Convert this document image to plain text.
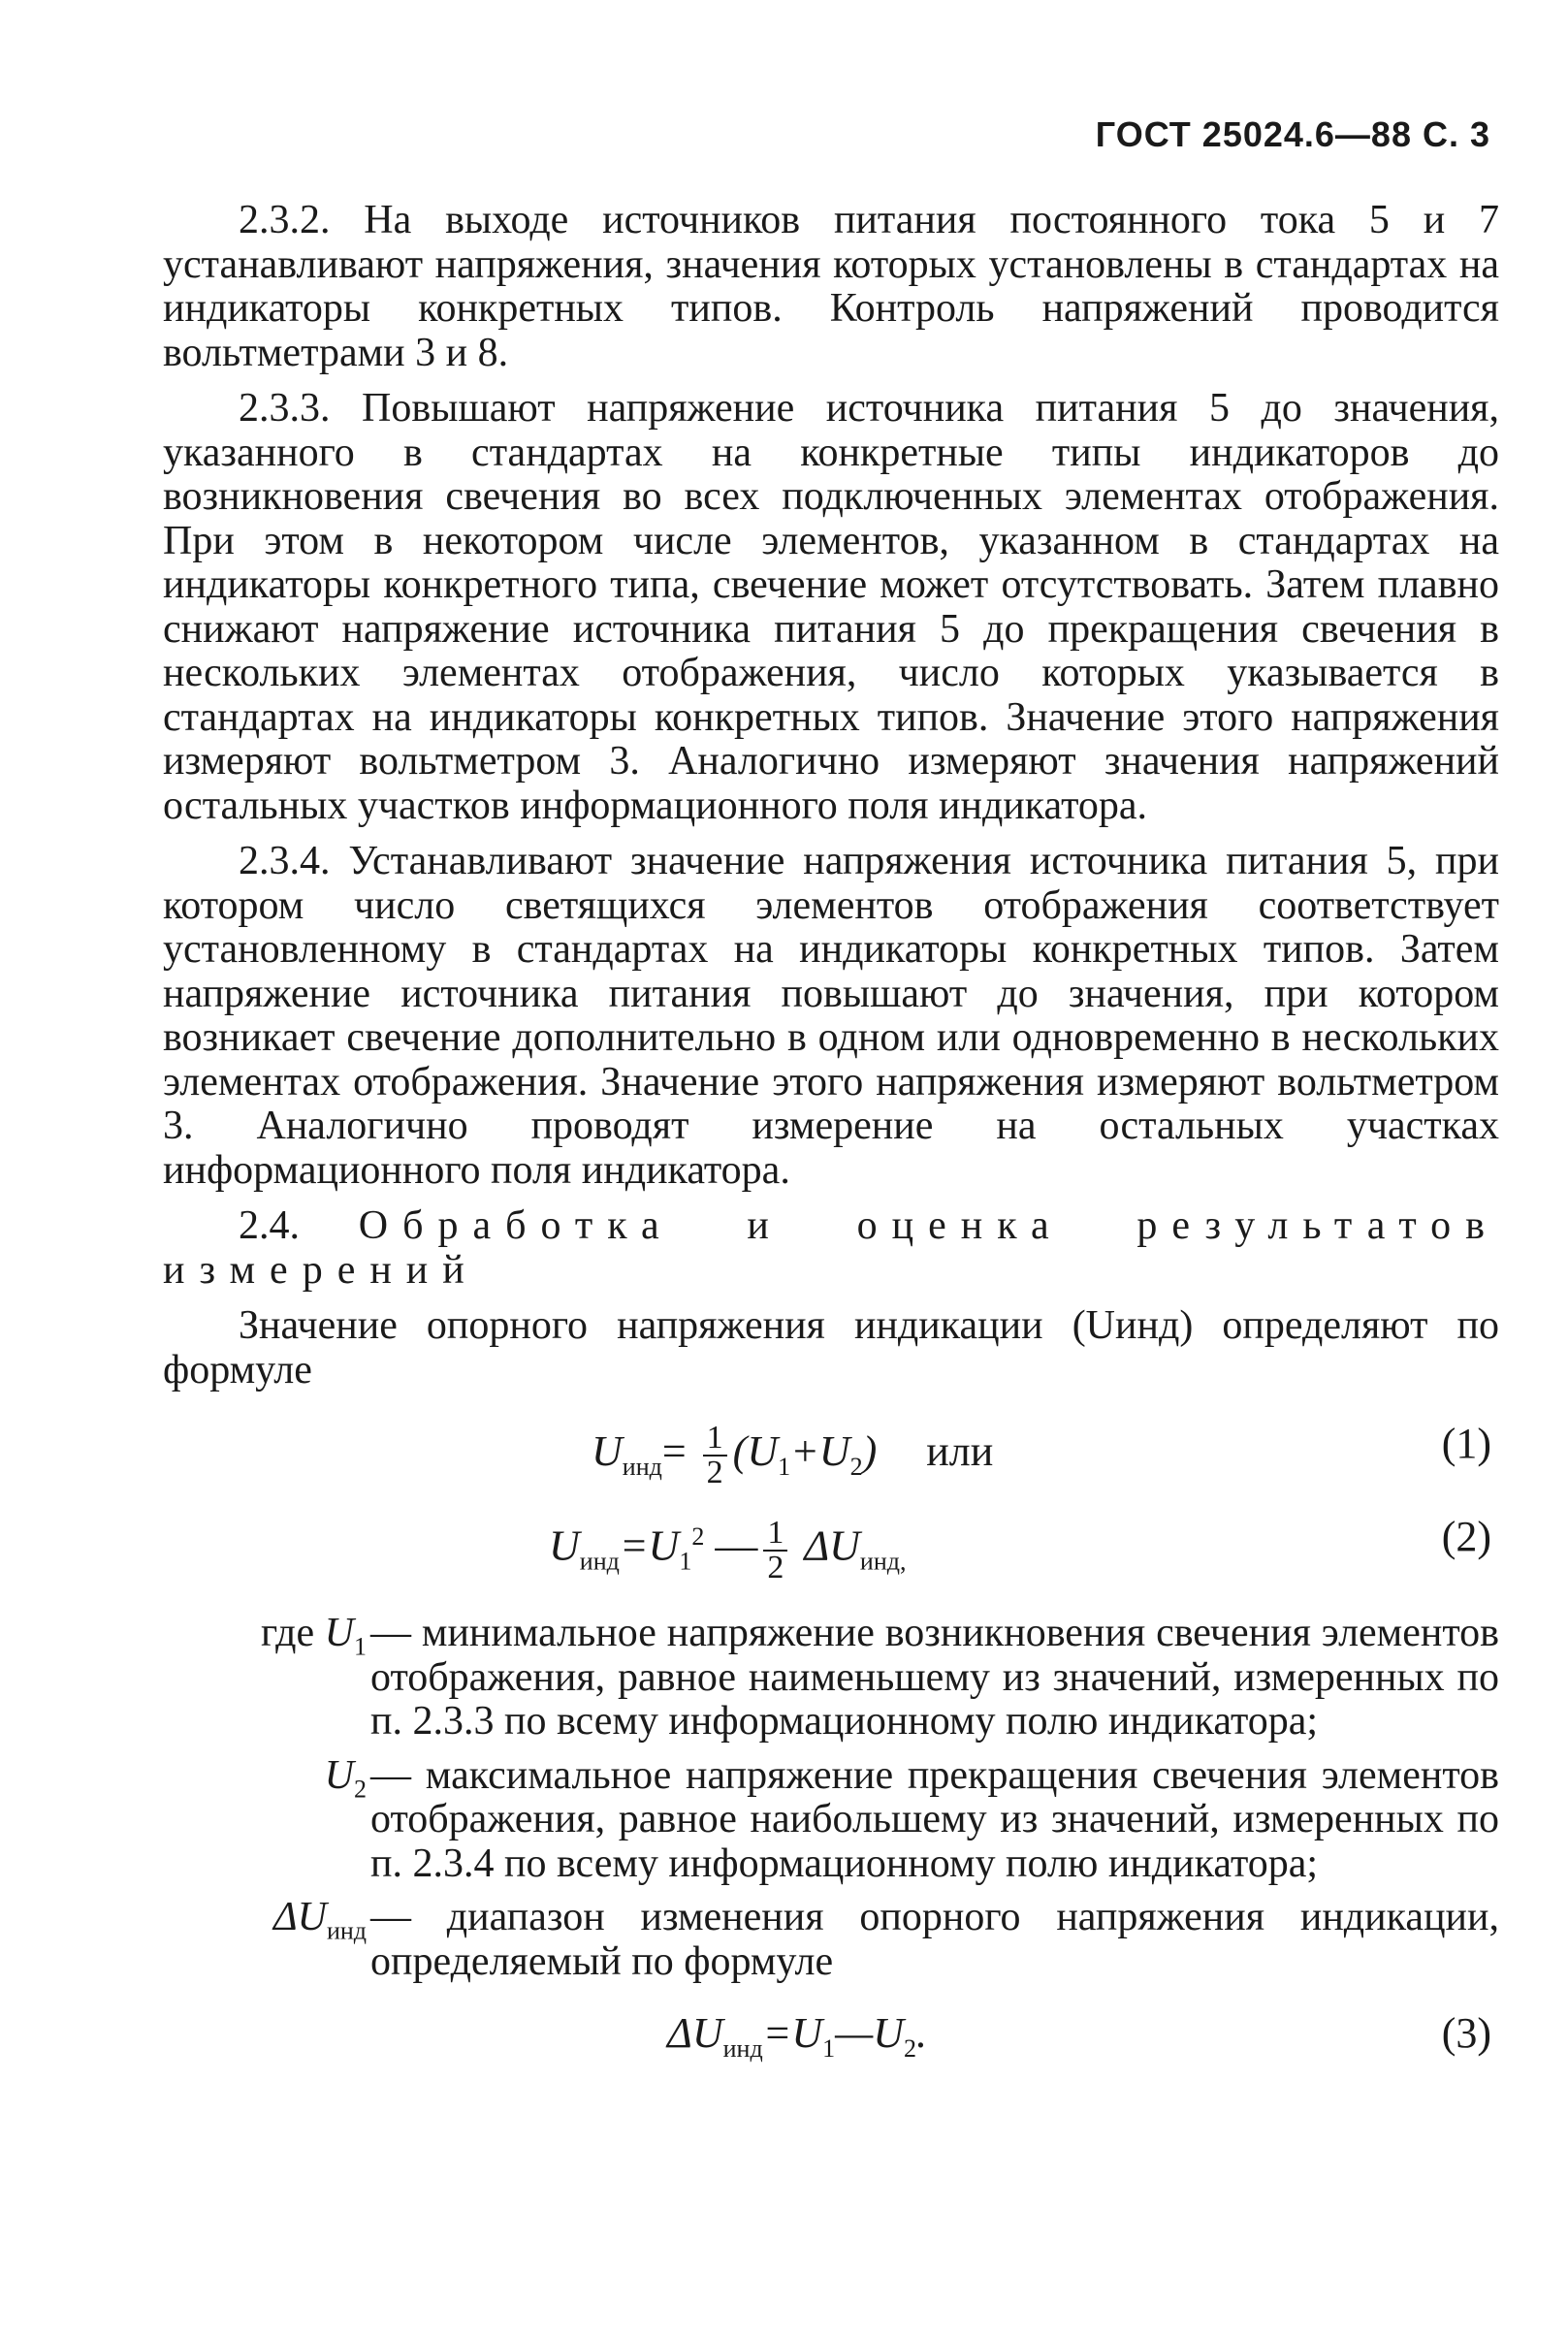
ГОСТ 25024.6—88 С. 3

2.3.2. На выходе источников питания постоянного тока 5 и 7 устанавливают напряжения, значения которых установлены в стандартах на индикаторы конкретных типов. Контроль напряжений проводится вольтметрами 3 и 8.

2.3.3. Повышают напряжение источника питания 5 до значения, указанного в стандартах на конкретные типы индикаторов до возникновения свечения во всех подключенных элементах отображения. При этом в некотором числе элементов, указанном в стандартах на индикаторы конкретного типа, свечение может отсутствовать. Затем плавно снижают напряжение источника питания 5 до прекращения свечения в нескольких элементах отображения, число которых указывается в стандартах на индикаторы конкретных типов. Значение этого напряжения измеряют вольтметром 3. Аналогично измеряют значения напряжений остальных участков информационного поля индикатора.

2.3.4. Устанавливают значение напряжения источника питания 5, при котором число светящихся элементов отображения соответствует установленному в стандартах на индикаторы конкретных типов. Затем напряжение источника питания повышают до значения, при котором возникает свечение дополнительно в одном или одновременно в нескольких элементах отображения. Значение этого напряжения измеряют вольтметром 3. Аналогично проводят измерение на остальных участках информационного поля индикатора.

2.4. Обработка и оценка результатов измерений

Значение опорного напряжения индикации (Uинд) определяют по формуле

$U_{инд}= \frac{1}{2} (U_1+U_2)$ или	(1)
$U_{инд}=U_1^2$ — $\frac{1}{2} \Delta U_{инд,}$
(2)
где $U_1$ — минимальное напряжение возникновения свечения элементов отображения, равное наименьшему из значений, измеренных по п. 2.3.3 по всему информационному полю индикатора;
$U_2$ — максимальное напряжение прекращения свечения элементов отображения, равное наибольшему из значений, измеренных по п. 2.3.4 по всему информационному полю индикатора;
$\Delta U_{инд}$ — диапазон изменения опорного напряжения индикации, определяемый по формуле
$\Delta U_{инд}=U_1—U_2$.	(3)
